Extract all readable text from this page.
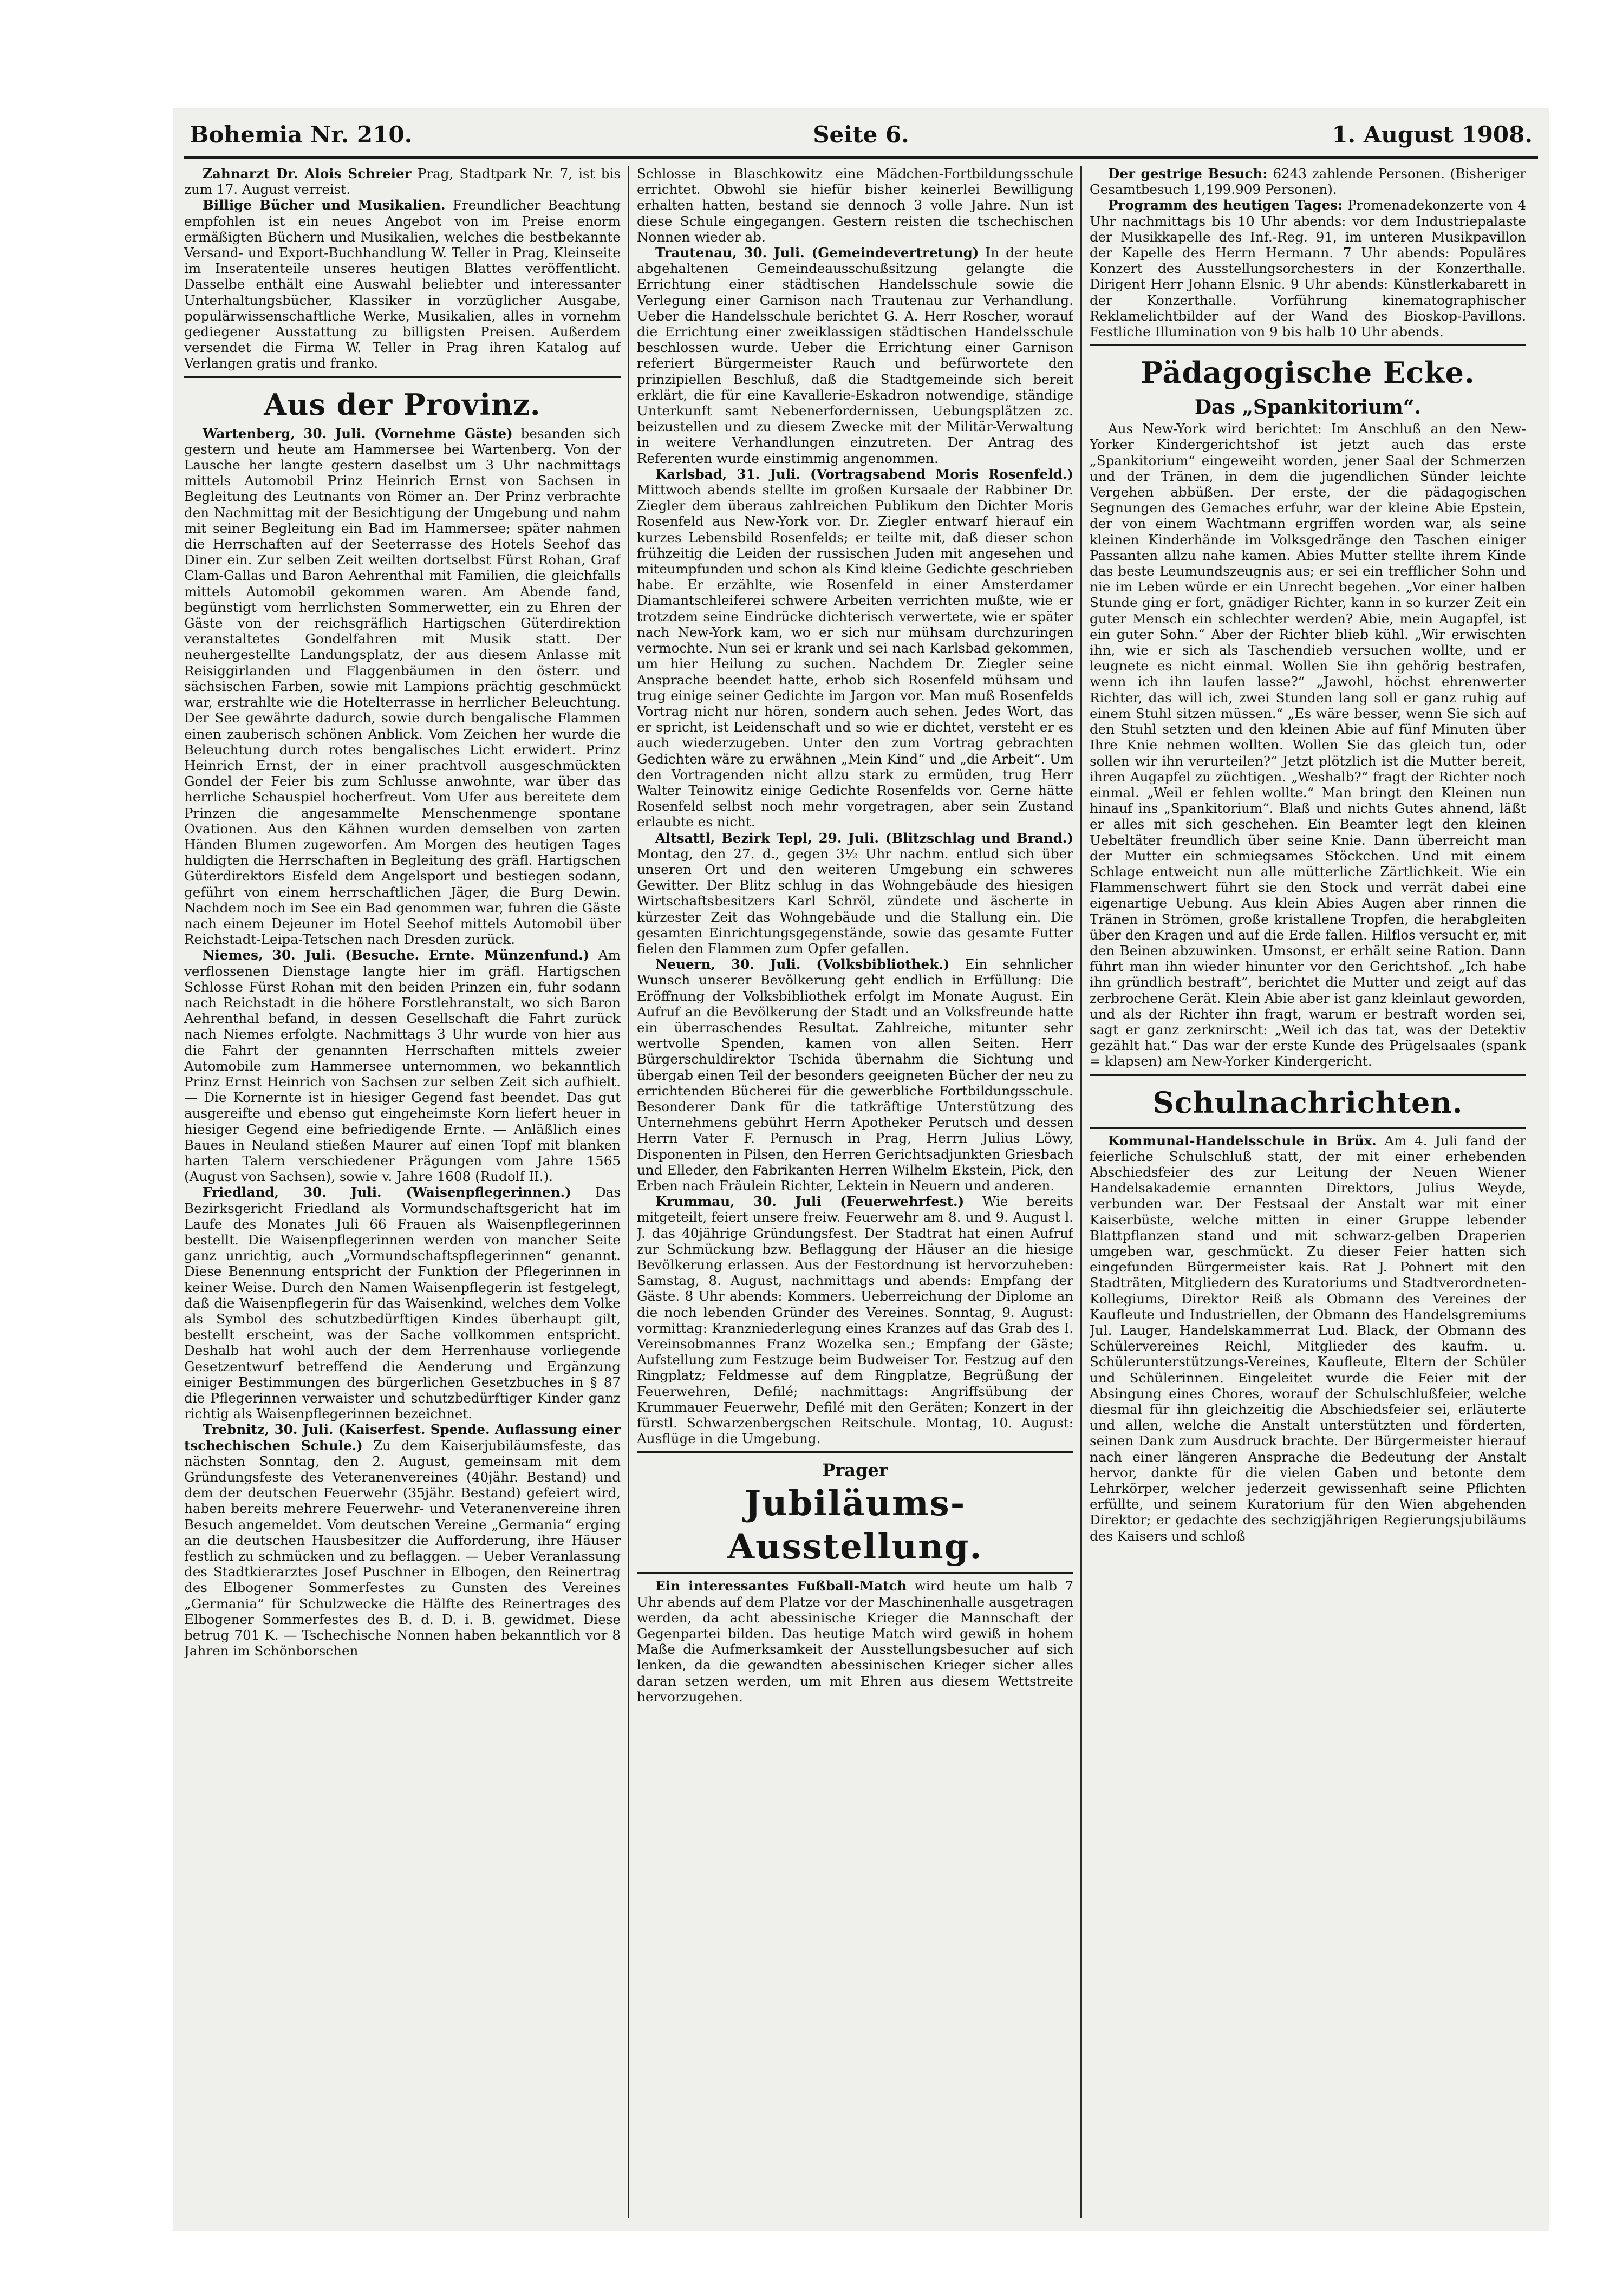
Bohemia Nr. 210.	Seite 6.	1. August 1908.

Zahnarzt Dr. Alois Schreier Prag, Stadtpark Nr. 7, ist bis zum 17. August verreist.

Billige Bücher und Musikalien. Freundlicher Beachtung empfohlen ist ein neues Angebot von im Preise enorm ermäßigten Büchern und Musikalien, welches die bestbekannte Versand- und Export-Buchhandlung W. Teller in Prag, Kleinseite im Inseratenteile unseres heutigen Blattes veröffentlicht. Dasselbe enthält eine Auswahl beliebter und interessanter Unterhaltungsbücher, Klassiker in vorzüglicher Ausgabe, populärwissenschaftliche Werke, Musikalien, alles in vornehm gediegener Ausstattung zu billigsten Preisen. Außerdem versendet die Firma W. Teller in Prag ihren Katalog auf Verlangen gratis und franko.

Aus der Provinz.

Wartenberg, 30. Juli. (Vornehme Gäste) besanden sich gestern und heute am Hammersee bei Wartenberg. Von der Lausche her langte gestern daselbst um 3 Uhr nachmittags mittels Automobil Prinz Heinrich Ernst von Sachsen in Begleitung des Leutnants von Römer an. Der Prinz verbrachte den Nachmittag mit der Besichtigung der Umgebung und nahm mit seiner Begleitung ein Bad im Hammersee; später nahmen die Herrschaften auf der Seeterrasse des Hotels Seehof das Diner ein. Zur selben Zeit weilten dortselbst Fürst Rohan, Graf Clam-Gallas und Baron Aehrenthal mit Familien, die gleichfalls mittels Automobil gekommen waren. Am Abende fand, begünstigt vom herrlichsten Sommerwetter, ein zu Ehren der Gäste von der reichsgräflich Hartigschen Güterdirektion veranstaltetes Gondelfahren mit Musik statt. Der neuhergestellte Landungsplatz, der aus diesem Anlasse mit Reisiggirlanden und Flaggenbäumen in den österr. und sächsischen Farben, sowie mit Lampions prächtig geschmückt war, erstrahlte wie die Hotelterrasse in herrlicher Beleuchtung. Der See gewährte dadurch, sowie durch bengalische Flammen einen zauberisch schönen Anblick. Vom Zeichen her wurde die Beleuchtung durch rotes bengalisches Licht erwidert. Prinz Heinrich Ernst, der in einer prachtvoll ausgeschmückten Gondel der Feier bis zum Schlusse anwohnte, war über das herrliche Schauspiel hocherfreut. Vom Ufer aus bereitete dem Prinzen die angesammelte Menschenmenge spontane Ovationen. Aus den Kähnen wurden demselben von zarten Händen Blumen zugeworfen. Am Morgen des heutigen Tages huldigten die Herrschaften in Begleitung des gräfl. Hartigschen Güterdirektors Eisfeld dem Angelsport und bestiegen sodann, geführt von einem herrschaftlichen Jäger, die Burg Dewin. Nachdem noch im See ein Bad genommen war, fuhren die Gäste nach einem Dejeuner im Hotel Seehof mittels Automobil über Reichstadt-Leipa-Tetschen nach Dresden zurück.

Niemes, 30. Juli. (Besuche. Ernte. Münzenfund.) Am verflossenen Dienstage langte hier im gräfl. Hartigschen Schlosse Fürst Rohan mit den beiden Prinzen ein, fuhr sodann nach Reichstadt in die höhere Forstlehranstalt, wo sich Baron Aehrenthal befand, in dessen Gesellschaft die Fahrt zurück nach Niemes erfolgte. Nachmittags 3 Uhr wurde von hier aus die Fahrt der genannten Herrschaften mittels zweier Automobile zum Hammersee unternommen, wo bekanntlich Prinz Ernst Heinrich von Sachsen zur selben Zeit sich aufhielt. — Die Kornernte ist in hiesiger Gegend fast beendet. Das gut ausgereifte und ebenso gut eingeheimste Korn liefert heuer in hiesiger Gegend eine befriedigende Ernte. — Anläßlich eines Baues in Neuland stießen Maurer auf einen Topf mit blanken harten Talern verschiedener Prägungen vom Jahre 1565 (August von Sachsen), sowie v. Jahre 1608 (Rudolf II.).

Friedland, 30. Juli. (Waisenpflegerinnen.) Das Bezirksgericht Friedland als Vormundschaftsgericht hat im Laufe des Monates Juli 66 Frauen als Waisenpflegerinnen bestellt. Die Waisenpflegerinnen werden von mancher Seite ganz unrichtig, auch „Vormundschaftspflegerinnen“ genannt. Diese Benennung entspricht der Funktion der Pflegerinnen in keiner Weise. Durch den Namen Waisenpflegerin ist festgelegt, daß die Waisenpflegerin für das Waisenkind, welches dem Volke als Symbol des schutzbedürftigen Kindes überhaupt gilt, bestellt erscheint, was der Sache vollkommen entspricht. Deshalb hat wohl auch der dem Herrenhause vorliegende Gesetzentwurf betreffend die Aenderung und Ergänzung einiger Bestimmungen des bürgerlichen Gesetzbuches in § 87 die Pflegerinnen verwaister und schutzbedürftiger Kinder ganz richtig als Waisenpflegerinnen bezeichnet.

Trebnitz, 30. Juli. (Kaiserfest. Spende. Auflassung einer tschechischen Schule.) Zu dem Kaiserjubiläumsfeste, das nächsten Sonntag, den 2. August, gemeinsam mit dem Gründungsfeste des Veteranenvereines (40jähr. Bestand) und dem der deutschen Feuerwehr (35jähr. Bestand) gefeiert wird, haben bereits mehrere Feuerwehr- und Veteranenvereine ihren Besuch angemeldet. Vom deutschen Vereine „Germania“ erging an die deutschen Hausbesitzer die Aufforderung, ihre Häuser festlich zu schmücken und zu beflaggen. — Ueber Veranlassung des Stadtkierarztes Josef Puschner in Elbogen, den Reinertrag des Elbogener Sommerfestes zu Gunsten des Vereines „Germania“ für Schulzwecke die Hälfte des Reinertrages des Elbogener Sommerfestes des B. d. D. i. B. gewidmet. Diese betrug 701 K. — Tschechische Nonnen haben bekanntlich vor 8 Jahren im Schönborschen

Schlosse in Blaschkowitz eine Mädchen-Fortbildungsschule errichtet. Obwohl sie hiefür bisher keinerlei Bewilligung erhalten hatten, bestand sie dennoch 3 volle Jahre. Nun ist diese Schule eingegangen. Gestern reisten die tschechischen Nonnen wieder ab.

Trautenau, 30. Juli. (Gemeindevertretung) In der heute abgehaltenen Gemeindeausschußsitzung gelangte die Errichtung einer städtischen Handelsschule sowie die Verlegung einer Garnison nach Trautenau zur Verhandlung. Ueber die Handelsschule berichtet G. A. Herr Roscher, worauf die Errichtung einer zweiklassigen städtischen Handelsschule beschlossen wurde. Ueber die Errichtung einer Garnison referiert Bürgermeister Rauch und befürwortete den prinzipiellen Beschluß, daß die Stadtgemeinde sich bereit erklärt, die für eine Kavallerie-Eskadron notwendige, ständige Unterkunft samt Nebenerfordernissen, Uebungsplätzen zc. beizustellen und zu diesem Zwecke mit der Militär-Verwaltung in weitere Verhandlungen einzutreten. Der Antrag des Referenten wurde einstimmig angenommen.

Karlsbad, 31. Juli. (Vortragsabend Moris Rosenfeld.) Mittwoch abends stellte im großen Kursaale der Rabbiner Dr. Ziegler dem überaus zahlreichen Publikum den Dichter Moris Rosenfeld aus New-York vor. Dr. Ziegler entwarf hierauf ein kurzes Lebensbild Rosenfelds; er teilte mit, daß dieser schon frühzeitig die Leiden der russischen Juden mit angesehen und miteumpfunden und schon als Kind kleine Gedichte geschrieben habe. Er erzählte, wie Rosenfeld in einer Amsterdamer Diamantschleiferei schwere Arbeiten verrichten mußte, wie er trotzdem seine Eindrücke dichterisch verwertete, wie er später nach New-York kam, wo er sich nur mühsam durchzuringen vermochte. Nun sei er krank und sei nach Karlsbad gekommen, um hier Heilung zu suchen. Nachdem Dr. Ziegler seine Ansprache beendet hatte, erhob sich Rosenfeld mühsam und trug einige seiner Gedichte im Jargon vor. Man muß Rosenfelds Vortrag nicht nur hören, sondern auch sehen. Jedes Wort, das er spricht, ist Leidenschaft und so wie er dichtet, versteht er es auch wiederzugeben. Unter den zum Vortrag gebrachten Gedichten wäre zu erwähnen „Mein Kind“ und „die Arbeit“. Um den Vortragenden nicht allzu stark zu ermüden, trug Herr Walter Teinowitz einige Gedichte Rosenfelds vor. Gerne hätte Rosenfeld selbst noch mehr vorgetragen, aber sein Zustand erlaubte es nicht.

Altsattl, Bezirk Tepl, 29. Juli. (Blitzschlag und Brand.) Montag, den 27. d., gegen 3½ Uhr nachm. entlud sich über unseren Ort und den weiteren Umgebung ein schweres Gewitter. Der Blitz schlug in das Wohngebäude des hiesigen Wirtschaftsbesitzers Karl Schröl, zündete und äscherte in kürzester Zeit das Wohngebäude und die Stallung ein. Die gesamten Einrichtungsgegenstände, sowie das gesamte Futter fielen den Flammen zum Opfer gefallen.

Neuern, 30. Juli. (Volksbibliothek.) Ein sehnlicher Wunsch unserer Bevölkerung geht endlich in Erfüllung: Die Eröffnung der Volksbibliothek erfolgt im Monate August. Ein Aufruf an die Bevölkerung der Stadt und an Volksfreunde hatte ein überraschendes Resultat. Zahlreiche, mitunter sehr wertvolle Spenden, kamen von allen Seiten. Herr Bürgerschuldirektor Tschida übernahm die Sichtung und übergab einen Teil der besonders geeigneten Bücher der neu zu errichtenden Bücherei für die gewerbliche Fortbildungsschule. Besonderer Dank für die tatkräftige Unterstützung des Unternehmens gebührt Herrn Apotheker Perutsch und dessen Herrn Vater F. Pernusch in Prag, Herrn Julius Löwy, Disponenten in Pilsen, den Herren Gerichtsadjunkten Griesbach und Elleder, den Fabrikanten Herren Wilhelm Ekstein, Pick, den Erben nach Fräulein Richter, Lektein in Neuern und anderen.

Krummau, 30. Juli (Feuerwehrfest.) Wie bereits mitgeteilt, feiert unsere freiw. Feuerwehr am 8. und 9. August l. J. das 40jährige Gründungsfest. Der Stadtrat hat einen Aufruf zur Schmückung bzw. Beflaggung der Häuser an die hiesige Bevölkerung erlassen. Aus der Festordnung ist hervorzuheben: Samstag, 8. August, nachmittags und abends: Empfang der Gäste. 8 Uhr abends: Kommers. Ueberreichung der Diplome an die noch lebenden Gründer des Vereines. Sonntag, 9. August: vormittag: Kranzniederlegung eines Kranzes auf das Grab des I. Vereinsobmannes Franz Wozelka sen.; Empfang der Gäste; Aufstellung zum Festzuge beim Budweiser Tor. Festzug auf den Ringplatz; Feldmesse auf dem Ringplatze, Begrüßung der Feuerwehren, Defilé; nachmittags: Angriffsübung der Krummauer Feuerwehr, Defilé mit den Geräten; Konzert in der fürstl. Schwarzenbergschen Reitschule. Montag, 10. August: Ausflüge in die Umgebung.

Prager

Jubiläums-Ausstellung.

Ein interessantes Fußball-Match wird heute um halb 7 Uhr abends auf dem Platze vor der Maschinenhalle ausgetragen werden, da acht abessinische Krieger die Mannschaft der Gegenpartei bilden. Das heutige Match wird gewiß in hohem Maße die Aufmerksamkeit der Ausstellungsbesucher auf sich lenken, da die gewandten abessinischen Krieger sicher alles daran setzen werden, um mit Ehren aus diesem Wettstreite hervorzugehen.

Der gestrige Besuch: 6243 zahlende Personen. (Bisheriger Gesamtbesuch 1,199.909 Personen).

Programm des heutigen Tages: Promenadekonzerte von 4 Uhr nachmittags bis 10 Uhr abends: vor dem Industriepalaste der Musikkapelle des Inf.-Reg. 91, im unteren Musikpavillon der Kapelle des Herrn Hermann. 7 Uhr abends: Populäres Konzert des Ausstellungsorchesters in der Konzerthalle. Dirigent Herr Johann Elsnic. 9 Uhr abends: Künstlerkabarett in der Konzerthalle. Vorführung kinematographischer Reklamelichtbilder auf der Wand des Bioskop-Pavillons. Festliche Illumination von 9 bis halb 10 Uhr abends.

Pädagogische Ecke.

Das „Spankitorium“.

Aus New-York wird berichtet: Im Anschluß an den New-Yorker Kindergerichtshof ist jetzt auch das erste „Spankitorium“ eingeweiht worden, jener Saal der Schmerzen und der Tränen, in dem die jugendlichen Sünder leichte Vergehen abbüßen. Der erste, der die pädagogischen Segnungen des Gemaches erfuhr, war der kleine Abie Epstein, der von einem Wachtmann ergriffen worden war, als seine kleinen Kinderhände im Volksgedränge den Taschen einiger Passanten allzu nahe kamen. Abies Mutter stellte ihrem Kinde das beste Leumundszeugnis aus; er sei ein trefflicher Sohn und nie im Leben würde er ein Unrecht begehen. „Vor einer halben Stunde ging er fort, gnädiger Richter, kann in so kurzer Zeit ein guter Mensch ein schlechter werden? Abie, mein Augapfel, ist ein guter Sohn.“ Aber der Richter blieb kühl. „Wir erwischten ihn, wie er sich als Taschendieb versuchen wollte, und er leugnete es nicht einmal. Wollen Sie ihn gehörig bestrafen, wenn ich ihn laufen lasse?“ „Jawohl, höchst ehrenwerter Richter, das will ich, zwei Stunden lang soll er ganz ruhig auf einem Stuhl sitzen müssen.“ „Es wäre besser, wenn Sie sich auf den Stuhl setzten und den kleinen Abie auf fünf Minuten über Ihre Knie nehmen wollten. Wollen Sie das gleich tun, oder sollen wir ihn verurteilen?“ Jetzt plötzlich ist die Mutter bereit, ihren Augapfel zu züchtigen. „Weshalb?“ fragt der Richter noch einmal. „Weil er fehlen wollte.“ Man bringt den Kleinen nun hinauf ins „Spankitorium“. Blaß und nichts Gutes ahnend, läßt er alles mit sich geschehen. Ein Beamter legt den kleinen Uebeltäter freundlich über seine Knie. Dann überreicht man der Mutter ein schmiegsames Stöckchen. Und mit einem Schlage entweicht nun alle mütterliche Zärtlichkeit. Wie ein Flammenschwert führt sie den Stock und verrät dabei eine eigenartige Uebung. Aus klein Abies Augen aber rinnen die Tränen in Strömen, große kristallene Tropfen, die herabgleiten über den Kragen und auf die Erde fallen. Hilflos versucht er, mit den Beinen abzuwinken. Umsonst, er erhält seine Ration. Dann führt man ihn wieder hinunter vor den Gerichtshof. „Ich habe ihn gründlich bestraft“, berichtet die Mutter und zeigt auf das zerbrochene Gerät. Klein Abie aber ist ganz kleinlaut geworden, und als der Richter ihn fragt, warum er bestraft worden sei, sagt er ganz zerknirscht: „Weil ich das tat, was der Detektiv gezählt hat.“ Das war der erste Kunde des Prügelsaales (spank = klapsen) am New-Yorker Kindergericht.

Schulnachrichten.

Kommunal-Handelsschule in Brüx. Am 4. Juli fand der feierliche Schulschluß statt, der mit einer erhebenden Abschiedsfeier des zur Leitung der Neuen Wiener Handelsakademie ernannten Direktors, Julius Weyde, verbunden war. Der Festsaal der Anstalt war mit einer Kaiserbüste, welche mitten in einer Gruppe lebender Blattpflanzen stand und mit schwarz-gelben Draperien umgeben war, geschmückt. Zu dieser Feier hatten sich eingefunden Bürgermeister kais. Rat J. Pohnert mit den Stadträten, Mitgliedern des Kuratoriums und Stadtverordneten-Kollegiums, Direktor Reiß als Obmann des Vereines der Kaufleute und Industriellen, der Obmann des Handelsgremiums Jul. Lauger, Handelskammerrat Lud. Black, der Obmann des Schülervereines Reichl, Mitglieder des kaufm. u. Schülerunterstützungs-Vereines, Kaufleute, Eltern der Schüler und Schülerinnen. Eingeleitet wurde die Feier mit der Absingung eines Chores, worauf der Schulschlußfeier, welche diesmal für ihn gleichzeitig die Abschiedsfeier sei, erläuterte und allen, welche die Anstalt unterstützten und förderten, seinen Dank zum Ausdruck brachte. Der Bürgermeister hierauf nach einer längeren Ansprache die Bedeutung der Anstalt hervor, dankte für die vielen Gaben und betonte dem Lehrkörper, welcher jederzeit gewissenhaft seine Pflichten erfüllte, und seinem Kuratorium für den Wien abgehenden Direktor; er gedachte des sechzigjährigen Regierungsjubiläums des Kaisers und schloß
